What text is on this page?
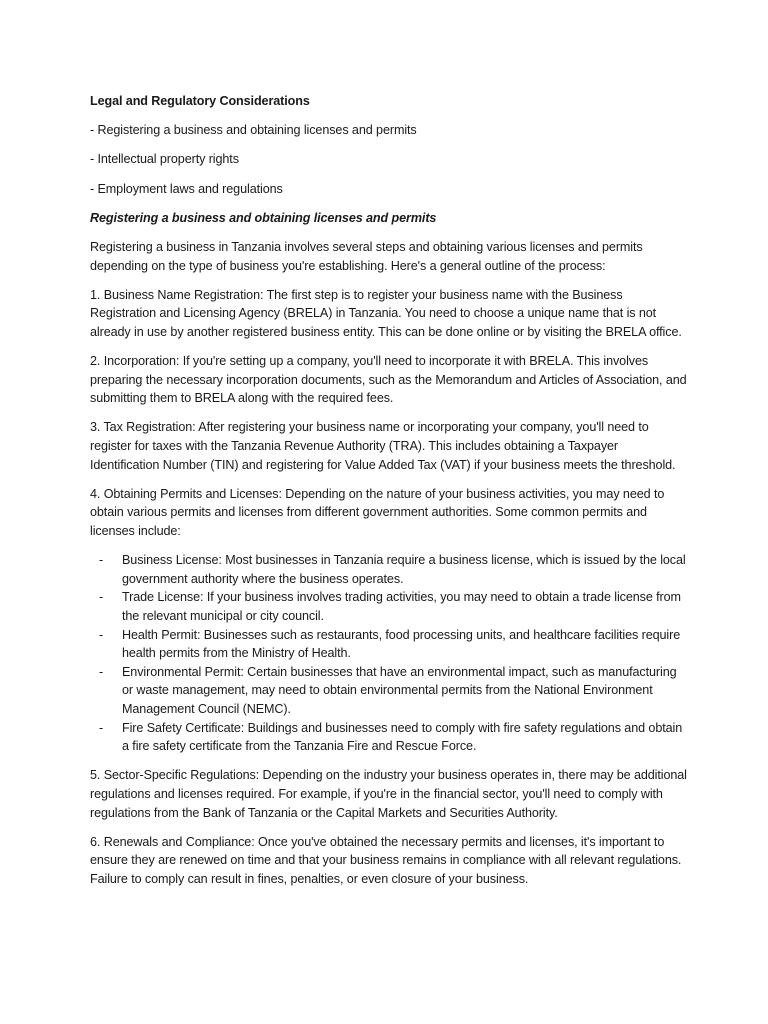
Legal and Regulatory Considerations

- Registering a business and obtaining licenses and permits

- Intellectual property rights

- Employment laws and regulations

Registering a business and obtaining licenses and permits

Registering a business in Tanzania involves several steps and obtaining various licenses and permits depending on the type of business you're establishing. Here's a general outline of the process:

1. Business Name Registration: The first step is to register your business name with the Business Registration and Licensing Agency (BRELA) in Tanzania. You need to choose a unique name that is not already in use by another registered business entity. This can be done online or by visiting the BRELA office.

2. Incorporation: If you're setting up a company, you'll need to incorporate it with BRELA. This involves preparing the necessary incorporation documents, such as the Memorandum and Articles of Association, and submitting them to BRELA along with the required fees.

3. Tax Registration: After registering your business name or incorporating your company, you'll need to register for taxes with the Tanzania Revenue Authority (TRA). This includes obtaining a Taxpayer Identification Number (TIN) and registering for Value Added Tax (VAT) if your business meets the threshold.

4. Obtaining Permits and Licenses: Depending on the nature of your business activities, you may need to obtain various permits and licenses from different government authorities. Some common permits and licenses include:

- Business License: Most businesses in Tanzania require a business license, which is issued by the local government authority where the business operates.
- Trade License: If your business involves trading activities, you may need to obtain a trade license from the relevant municipal or city council.
- Health Permit: Businesses such as restaurants, food processing units, and healthcare facilities require health permits from the Ministry of Health.
- Environmental Permit: Certain businesses that have an environmental impact, such as manufacturing or waste management, may need to obtain environmental permits from the National Environment Management Council (NEMC).
- Fire Safety Certificate: Buildings and businesses need to comply with fire safety regulations and obtain a fire safety certificate from the Tanzania Fire and Rescue Force.

5. Sector-Specific Regulations: Depending on the industry your business operates in, there may be additional regulations and licenses required. For example, if you're in the financial sector, you'll need to comply with regulations from the Bank of Tanzania or the Capital Markets and Securities Authority.

6. Renewals and Compliance: Once you've obtained the necessary permits and licenses, it's important to ensure they are renewed on time and that your business remains in compliance with all relevant regulations. Failure to comply can result in fines, penalties, or even closure of your business.
